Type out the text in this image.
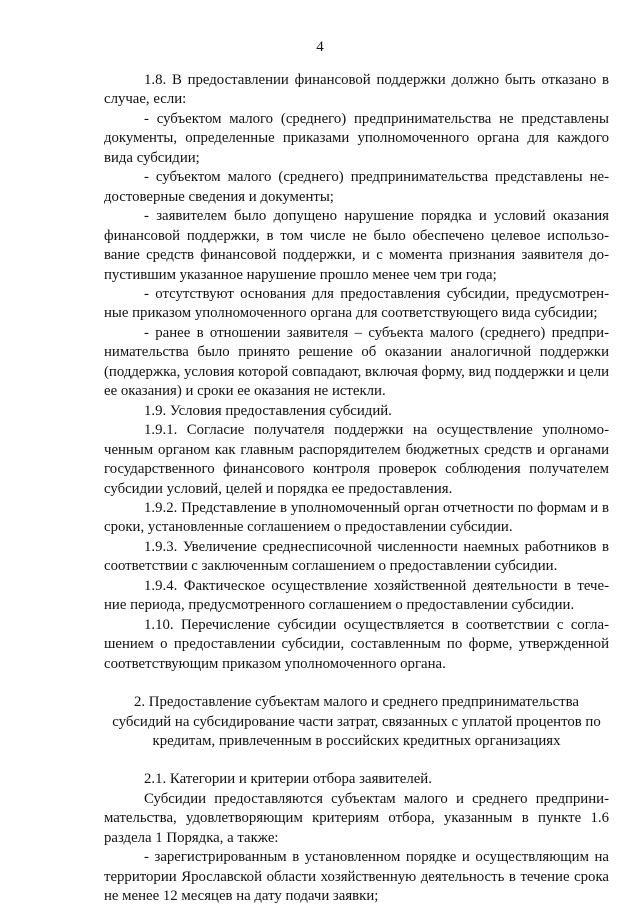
4

1.8. В предоставлении финансовой поддержки должно быть отказано в случае, если:

- субъектом малого (среднего) предпринимательства не представлены документы, определенные приказами уполномоченного органа для каждого вида субсидии;

- субъектом малого (среднего) предпринимательства представлены недостоверные сведения и документы;

- заявителем было допущено нарушение порядка и условий оказания финансовой поддержки, в том числе не было обеспечено целевое использование средств финансовой поддержки, и с момента признания заявителя допустившим указанное нарушение прошло менее чем три года;

- отсутствуют основания для предоставления субсидии, предусмотренные приказом уполномоченного органа для соответствующего вида субсидии;

- ранее в отношении заявителя – субъекта малого (среднего) предпринимательства было принято решение об оказании аналогичной поддержки (поддержка, условия которой совпадают, включая форму, вид поддержки и цели ее оказания) и сроки ее оказания не истекли.

1.9. Условия предоставления субсидий.

1.9.1. Согласие получателя поддержки на осуществление уполномоченным органом как главным распорядителем бюджетных средств и органами государственного финансового контроля проверок соблюдения получателем субсидии условий, целей и порядка ее предоставления.

1.9.2. Представление в уполномоченный орган отчетности по формам и в сроки, установленные соглашением о предоставлении субсидии.

1.9.3. Увеличение среднесписочной численности наемных работников в соответствии с заключенным соглашением о предоставлении субсидии.

1.9.4. Фактическое осуществление хозяйственной деятельности в течение периода, предусмотренного соглашением о предоставлении субсидии.

1.10. Перечисление субсидии осуществляется в соответствии с соглашением о предоставлении субсидии, составленным по форме, утвержденной соответствующим приказом уполномоченного органа.

2. Предоставление субъектам малого и среднего предпринимательства субсидий на субсидирование части затрат, связанных с уплатой процентов по кредитам, привлеченным в российских кредитных организациях

2.1. Категории и критерии отбора заявителей.

Субсидии предоставляются субъектам малого и среднего предпринимательства, удовлетворяющим критериям отбора, указанным в пункте 1.6 раздела 1 Порядка, а также:

- зарегистрированным в установленном порядке и осуществляющим на территории Ярославской области хозяйственную деятельность в течение срока не менее 12 месяцев на дату подачи заявки;
